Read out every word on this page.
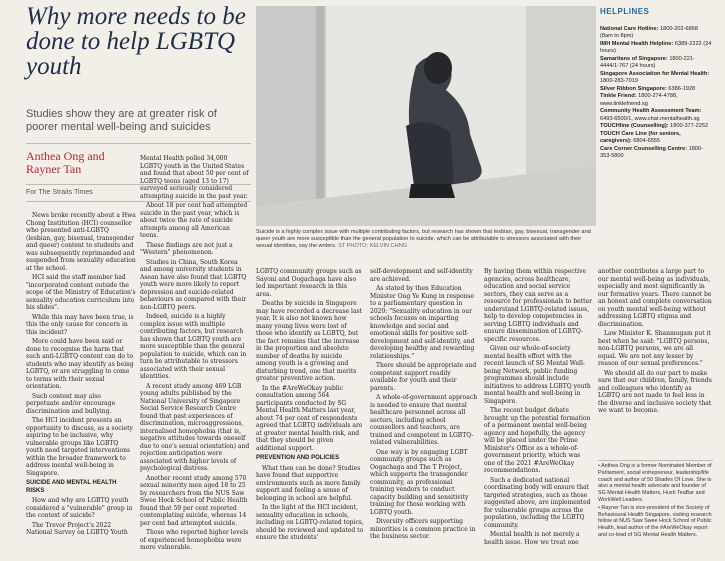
Why more needs to be done to help LGBTQ youth
Studies show they are at greater risk of poorer mental well-being and suicides
Anthea Ong and Rayner Tan
For The Straits Times
Suicide is a highly complex issue with multiple contributing factors, but research has shown that lesbian, gay, bisexual, transgender and queer youth are more susceptible than the general population to suicide, which can be attributable to stressors associated with their sexual identities, say the writers. ST PHOTO: KELVIN CHNG
HELPLINES
National Care Hotline: 1800-202-6868 (8am to 8pm)
IMH Mental Health Helpline: 6389-2222 (24 hours)
Samaritans of Singapore: 1800-221-4444/1-767 (24 hours)
Singapore Association for Mental Health: 1800-283-7019
Silver Ribbon Singapore: 6386-1928
Tinkle Friend: 1800-274-4788, www.tinklefriend.sg
Community Health Assessment Team: 6493-6500/1, www.chat.mentalhealth.sg
TOUCHline (Counselling): 1800-377-2252
TOUCH Care Line (for seniors, caregivers): 6804-6555
Care Corner Counselling Centre: 1800-353-5800

News broke recently about a Hwa Chong Institution (HCI) counsellor who presented anti-LGBTQ (lesbian, gay, bisexual, transgender and queer) content to students and was subsequently reprimanded and suspended from sexuality education at the school.

HCI said the staff member had "incorporated content outside the scope of the Ministry of Education's sexuality education curriculum into his slides".

While this may have been true, is this the only cause for concern in this incident?

More could have been said or done to recognise the harm that such anti-LGBTQ content can do to students who may identify as being LGBTQ, or are struggling to come to terms with their sexual orientation.

Such content may also perpetuate and/or encourage discrimination and bullying.

The HCI incident presents an opportunity to discuss, as a society aspiring to be inclusive, why vulnerable groups like LGBTQ youth need targeted interventions within the broader framework to address mental well-being in Singapore.

SUICIDE AND MENTAL HEALTH RISKS

How and why are LGBTQ youth considered a "vulnerable" group in the context of suicide?

The Trevor Project's 2022 National Survey on LGBTQ Youth

Mental Health polled 34,000 LGBTQ youth in the United States and found that about 50 per cent of LGBTQ teens (aged 13 to 17) surveyed seriously considered attempting suicide in the past year.

About 18 per cent had attempted suicide in the past year, which is about twice the rate of suicide attempts among all American teens.

These findings are not just a "Western" phenomenon.

Studies in China, South Korea and among university students in Asean have also found that LGBTQ youth were more likely to report depression and suicide-related behaviours as compared with their non-LGBTQ peers.

Indeed, suicide is a highly complex issue with multiple contributing factors, but research has shown that LGBTQ youth are more susceptible than the general population to suicide, which can in turn be attributable to stressors associated with their sexual identities.

A recent study among 469 LGB young adults published by the National University of Singapore Social Service Research Centre found that past experiences of discrimination, microaggressions, internalised homophobia (that is, negative attitudes towards oneself due to one's sexual orientation) and rejection anticipation were associated with higher levels of psychological distress.

Another recent study among 570 sexual minority men aged 18 to 25 by researchers from the NUS Saw Swee Hock School of Public Health found that 59 per cent reported contemplating suicide, whereas 14 per cent had attempted suicide.

Those who reported higher levels of experienced homophobia were more vulnerable.

LGBTQ community groups such as Sayoni and Oogachaga have also led important research in this area.

Deaths by suicide in Singapore may have recorded a decrease last year. It is also not known how many young lives were lost of those who identify as LGBTQ, but the fact remains that the increase in the proportion and absolute number of deaths by suicide among youth is a growing and disturbing trend, one that merits greater preventive action.

In the #AreWeOkay public consultation among 564 participants conducted by SG Mental Health Matters last year, about 74 per cent of respondents agreed that LGBTQ individuals are at greater mental health risk, and that they should be given additional support.

PREVENTION AND POLICIES

What then can be done? Studies have found that supportive environments such as more family support and feeling a sense of belonging in school are helpful.

In the light of the HCI incident, sexuality education in schools, including on LGBTQ-related topics, should be reviewed and updated to ensure the students'

self-development and self-identity are achieved.

As stated by then Education Minister Ong Ye Kung in response to a parliamentary question in 2020: "Sexuality education in our schools focuses on imparting knowledge and social and emotional skills for positive self-development and self-identity, and developing healthy and rewarding relationships."

There should be appropriate and competent support readily available for youth and their parents.

A whole-of-government approach is needed to ensure that mental healthcare personnel across all sectors, including school counsellors and teachers, are trained and competent in LGBTQ-related vulnerabilities.

One way is by engaging LGBT community groups such as Oogachaga and The T Project, which supports the transgender community, as professional training vendors to conduct capacity building and sensitivity training for those working with LGBTQ youth.

Diversity officers supporting minorities is a common practice in the business sector.

By having them within respective agencies, across healthcare, education and social service sectors, they can serve as a resource for professionals to better understand LGBTQ-related issues, help to develop competencies in serving LGBTQ individuals and ensure dissemination of LGBTQ-specific resources.

Given our whole-of-society mental health effort with the recent launch of SG Mental Well-being Network, public funding programmes should include initiatives to address LGBTQ youth mental health and well-being in Singapore.

The recent budget debate brought up the potential formation of a permanent mental well-being agency and hopefully, the agency will be placed under the Prime Minister's Office as a whole-of-government priority, which was one of the 2021 #AreWeOkay recommendations.

Such a dedicated national coordinating body will ensure that targeted strategies, such as those suggested above, are implemented for vulnerable groups across the population, including the LGBTQ community.

Mental health is not merely a health issue. How we treat one

another contributes a large part to our mental well-being as individuals, especially and most significantly in our formative years. There cannot be an honest and complete conversation on youth mental well-being without addressing LGBTQ stigma and discrimination.

Law Minister K. Shanmugam put it best when he said: "LGBTQ persons, non-LGBTQ persons, we are all equal. We are not any lesser by reason of our sexual preferences."

We should all do our part to make sure that our children, family, friends and colleagues who identify as LGBTQ are not made to feel less in the diverse and inclusive society that we want to become.

• Anthea Ong is a former Nominated Member of Parliament, social entrepreneur, leadership/life coach and author of 50 Shades Of Love. She is also a mental health advocate and founder of SG Mental Health Matters, Hush TeaBar and WorkWell Leaders.

• Rayner Tan is vice-president of the Society of Behavioural Health Singapore, visiting research fellow at NUS Saw Swee Hock School of Public Health, lead author of the #AreWeOkay report and co-lead of SG Mental Health Matters.
